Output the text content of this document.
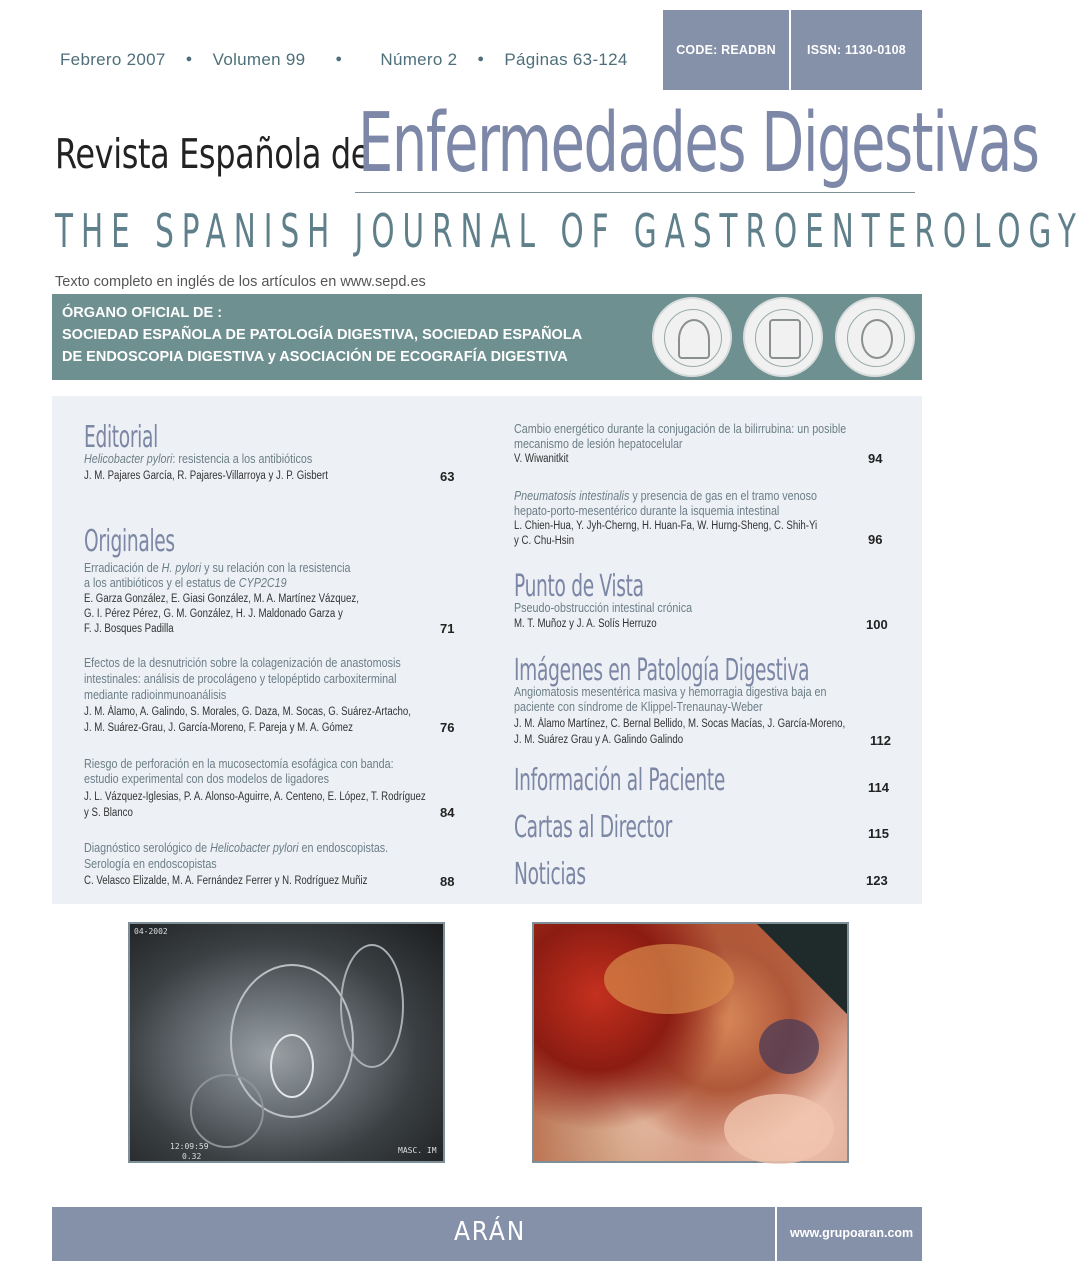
Febrero 2007 ● Volumen 99	● Número 2 ● Páginas 63-124	CODE: READBN ISSN: 1130-0108
Revista Española de
Enfermedades Digestivas
THE SPANISH JOURNAL OF GASTROENTEROLOGY
Texto completo en inglés de los artículos en www.sepd.es
ÓRGANO OFICIAL DE :
SOCIEDAD ESPAÑOLA DE PATOLOGÍA DIGESTIVA, SOCIEDAD ESPAÑOLA
DE ENDOSCOPIA DIGESTIVA y ASOCIACIÓN DE ECOGRAFÍA DIGESTIVA
Editorial
Helicobacter pylori: resistencia a los antibióticos
J. M. Pajares García, R. Pajares-Villarroya y J. P. Gisbert	63
Originales
Erradicación de H. pylori y su relación con la resistencia
a los antibióticos y el estatus de CYP2C19
E. Garza González, E. Giasi González, M. A. Martínez Vázquez,
G. I. Pérez Pérez, G. M. González, H. J. Maldonado Garza y
F. J. Bosques Padilla	71
Efectos de la desnutrición sobre la colagenización de anastomosis
intestinales: análisis de procolágeno y telopéptido carboxiterminal
mediante radioinmunoanálisis
J. M. Álamo, A. Galindo, S. Morales, G. Daza, M. Socas, G. Suárez-Artacho,
J. M. Suárez-Grau, J. García-Moreno, F. Pareja y M. A. Gómez	76
Riesgo de perforación en la mucosectomía esofágica con banda:
estudio experimental con dos modelos de ligadores
J. L. Vázquez-Iglesias, P. A. Alonso-Aguirre, A. Centeno, E. López, T. Rodríguez
y S. Blanco	84
Diagnóstico serológico de Helicobacter pylori en endoscopistas.
Serología en endoscopistas
C. Velasco Elizalde, M. A. Fernández Ferrer y N. Rodríguez Muñiz	88
Cambio energético durante la conjugación de la bilirrubina: un posible
mecanismo de lesión hepatocelular
V. Wiwanitkit	94
Pneumatosis intestinalis y presencia de gas en el tramo venoso
hepato-porto-mesentérico durante la isquemia intestinal
L. Chien-Hua, Y. Jyh-Cherng, H. Huan-Fa, W. Hurng-Sheng, C. Shih-Yi
y C. Chu-Hsin	96
Punto de Vista
Pseudo-obstrucción intestinal crónica
M. T. Muñoz y J. A. Solís Herruzo	100
Imágenes en Patología Digestiva
Angiomatosis mesentérica masiva y hemorragia digestiva baja en
paciente con síndrome de Klippel-Trenaunay-Weber
J. M. Álamo Martínez, C. Bernal Bellido, M. Socas Macías, J. García-Moreno,
J. M. Suárez Grau y A. Galindo Galindo	112
Información al Paciente	114
Cartas al Director	115
Noticias	123
04-2002
12:09:59
0.32
MASC. IM
ARÁN	www.grupoaran.com
